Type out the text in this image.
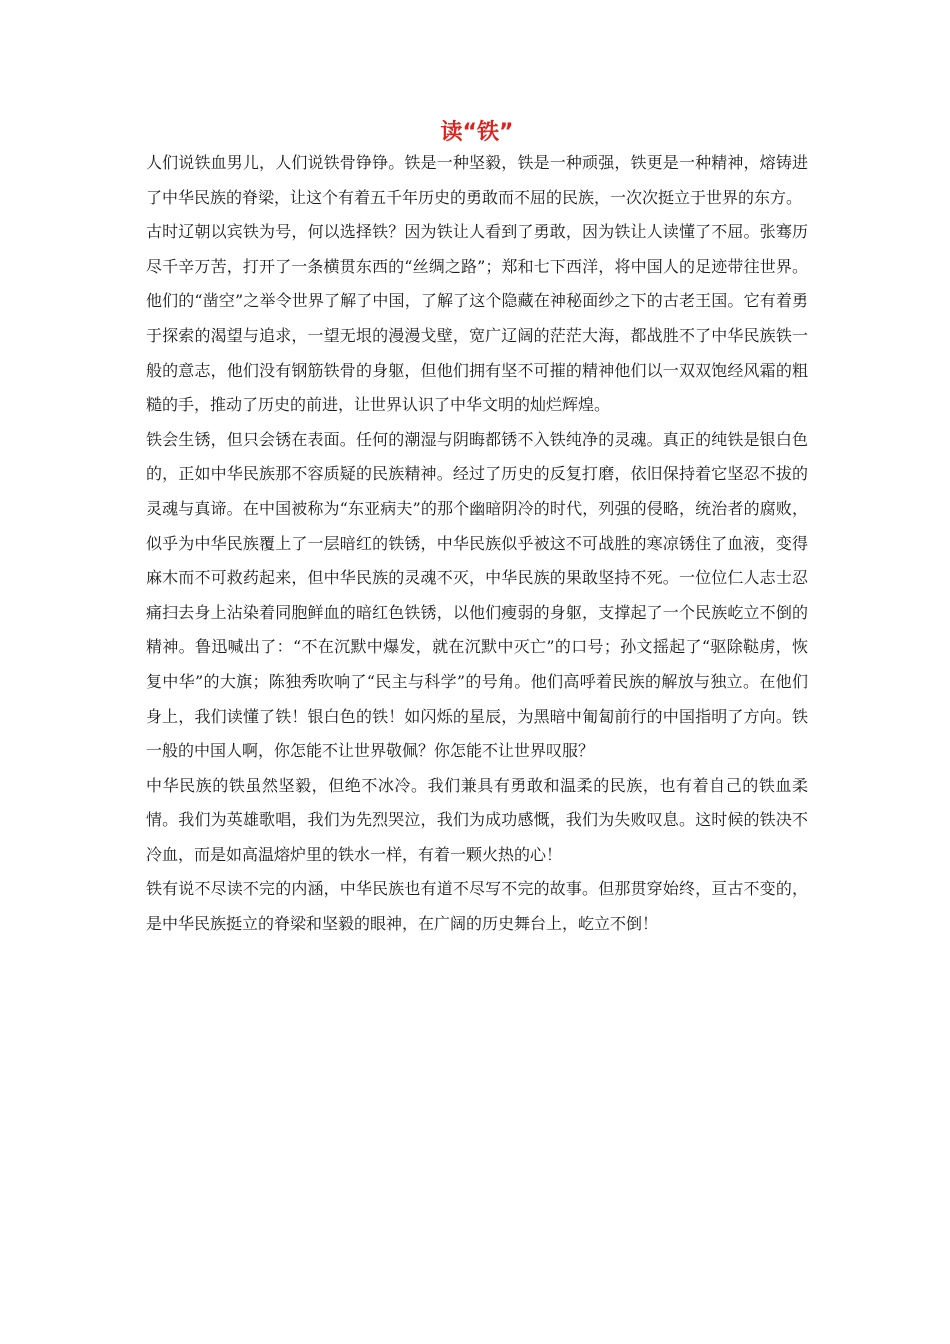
读“铁”

人们说铁血男儿，人们说铁骨铮铮。铁是一种坚毅，铁是一种顽强，铁更是一种精神，熔铸进了中华民族的脊梁，让这个有着五千年历史的勇敢而不屈的民族，一次次挺立于世界的东方。

古时辽朝以宾铁为号，何以选择铁？因为铁让人看到了勇敢，因为铁让人读懂了不屈。张骞历尽千辛万苦，打开了一条横贯东西的“丝绸之路”；郑和七下西洋，将中国人的足迹带往世界。他们的“凿空”之举令世界了解了中国，了解了这个隐藏在神秘面纱之下的古老王国。它有着勇于探索的渴望与追求，一望无垠的漫漫戈壁，宽广辽阔的茫茫大海，都战胜不了中华民族铁一般的意志，他们没有钢筋铁骨的身躯，但他们拥有坚不可摧的精神他们以一双双饱经风霜的粗糙的手，推动了历史的前进，让世界认识了中华文明的灿烂辉煌。

铁会生锈，但只会锈在表面。任何的潮湿与阴晦都锈不入铁纯净的灵魂。真正的纯铁是银白色的，正如中华民族那不容质疑的民族精神。经过了历史的反复打磨，依旧保持着它坚忍不拔的灵魂与真谛。在中国被称为“东亚病夫”的那个幽暗阴冷的时代，列强的侵略，统治者的腐败，似乎为中华民族覆上了一层暗红的铁锈，中华民族似乎被这不可战胜的寒凉锈住了血液，变得麻木而不可救药起来，但中华民族的灵魂不灭，中华民族的果敢坚持不死。一位位仁人志士忍痛扫去身上沾染着同胞鲜血的暗红色铁锈，以他们瘦弱的身躯，支撑起了一个民族屹立不倒的精神。鲁迅喊出了：“不在沉默中爆发，就在沉默中灭亡”的口号；孙文摇起了“驱除鞑虏，恢复中华”的大旗；陈独秀吹响了“民主与科学”的号角。他们高呼着民族的解放与独立。在他们身上，我们读懂了铁！银白色的铁！如闪烁的星辰，为黑暗中匍匐前行的中国指明了方向。铁一般的中国人啊，你怎能不让世界敬佩？你怎能不让世界叹服？

中华民族的铁虽然坚毅，但绝不冰冷。我们兼具有勇敢和温柔的民族，也有着自己的铁血柔情。我们为英雄歌唱，我们为先烈哭泣，我们为成功感慨，我们为失败叹息。这时候的铁决不冷血，而是如高温熔炉里的铁水一样，有着一颗火热的心！

铁有说不尽读不完的内涵，中华民族也有道不尽写不完的故事。但那贯穿始终，亘古不变的，是中华民族挺立的脊梁和坚毅的眼神，在广阔的历史舞台上，屹立不倒！
